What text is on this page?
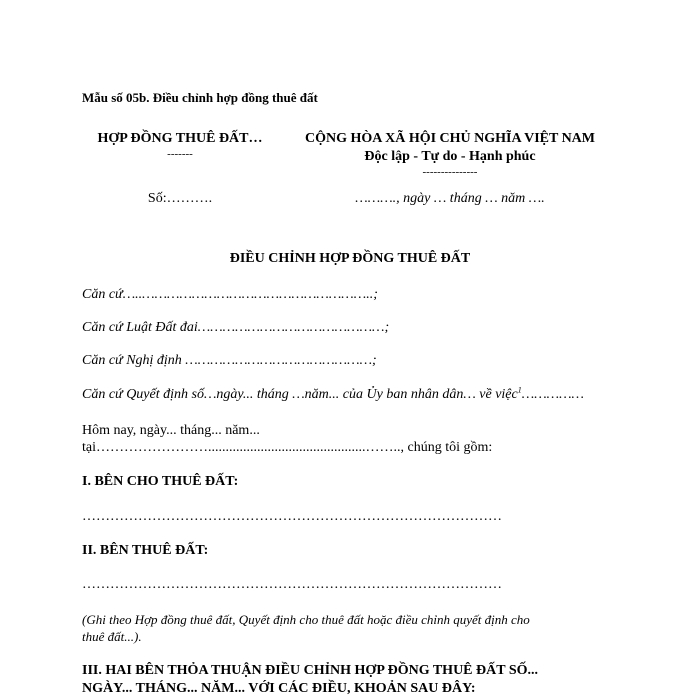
Mẫu số 05b. Điều chỉnh hợp đồng thuê đất
HỢP ĐỒNG THUÊ ĐẤT…
-------
Số:……….
CỘNG HÒA XÃ HỘI CHỦ NGHĨA VIỆT NAM
Độc lập - Tự do - Hạnh phúc
---------------
………., ngày … tháng … năm ….
ĐIỀU CHỈNH HỢP ĐỒNG THUÊ ĐẤT
Căn cứ…..………………………………………………..;
Căn cứ Luật Đất đai………………………………………;
Căn cứ Nghị định ………………………………………;
Căn cứ Quyết định số…ngày... tháng …năm... của Ủy ban nhân dân… về việc$^1$……………
Hôm nay, ngày... tháng... năm...
tại…………………….............................................…….., chúng tôi gồm:
I. BÊN CHO THUÊ ĐẤT:
………………………………………………………………………………
II. BÊN THUÊ ĐẤT:
………………………………………………………………………………
(Ghi theo Hợp đồng thuê đất, Quyết định cho thuê đất hoặc điều chỉnh quyết định cho
thuê đất...).
III. HAI BÊN THỎA THUẬN ĐIỀU CHỈNH HỢP ĐỒNG THUÊ ĐẤT SỐ...
NGÀY... THÁNG... NĂM... VỚI CÁC ĐIỀU, KHOẢN SAU ĐÂY:
